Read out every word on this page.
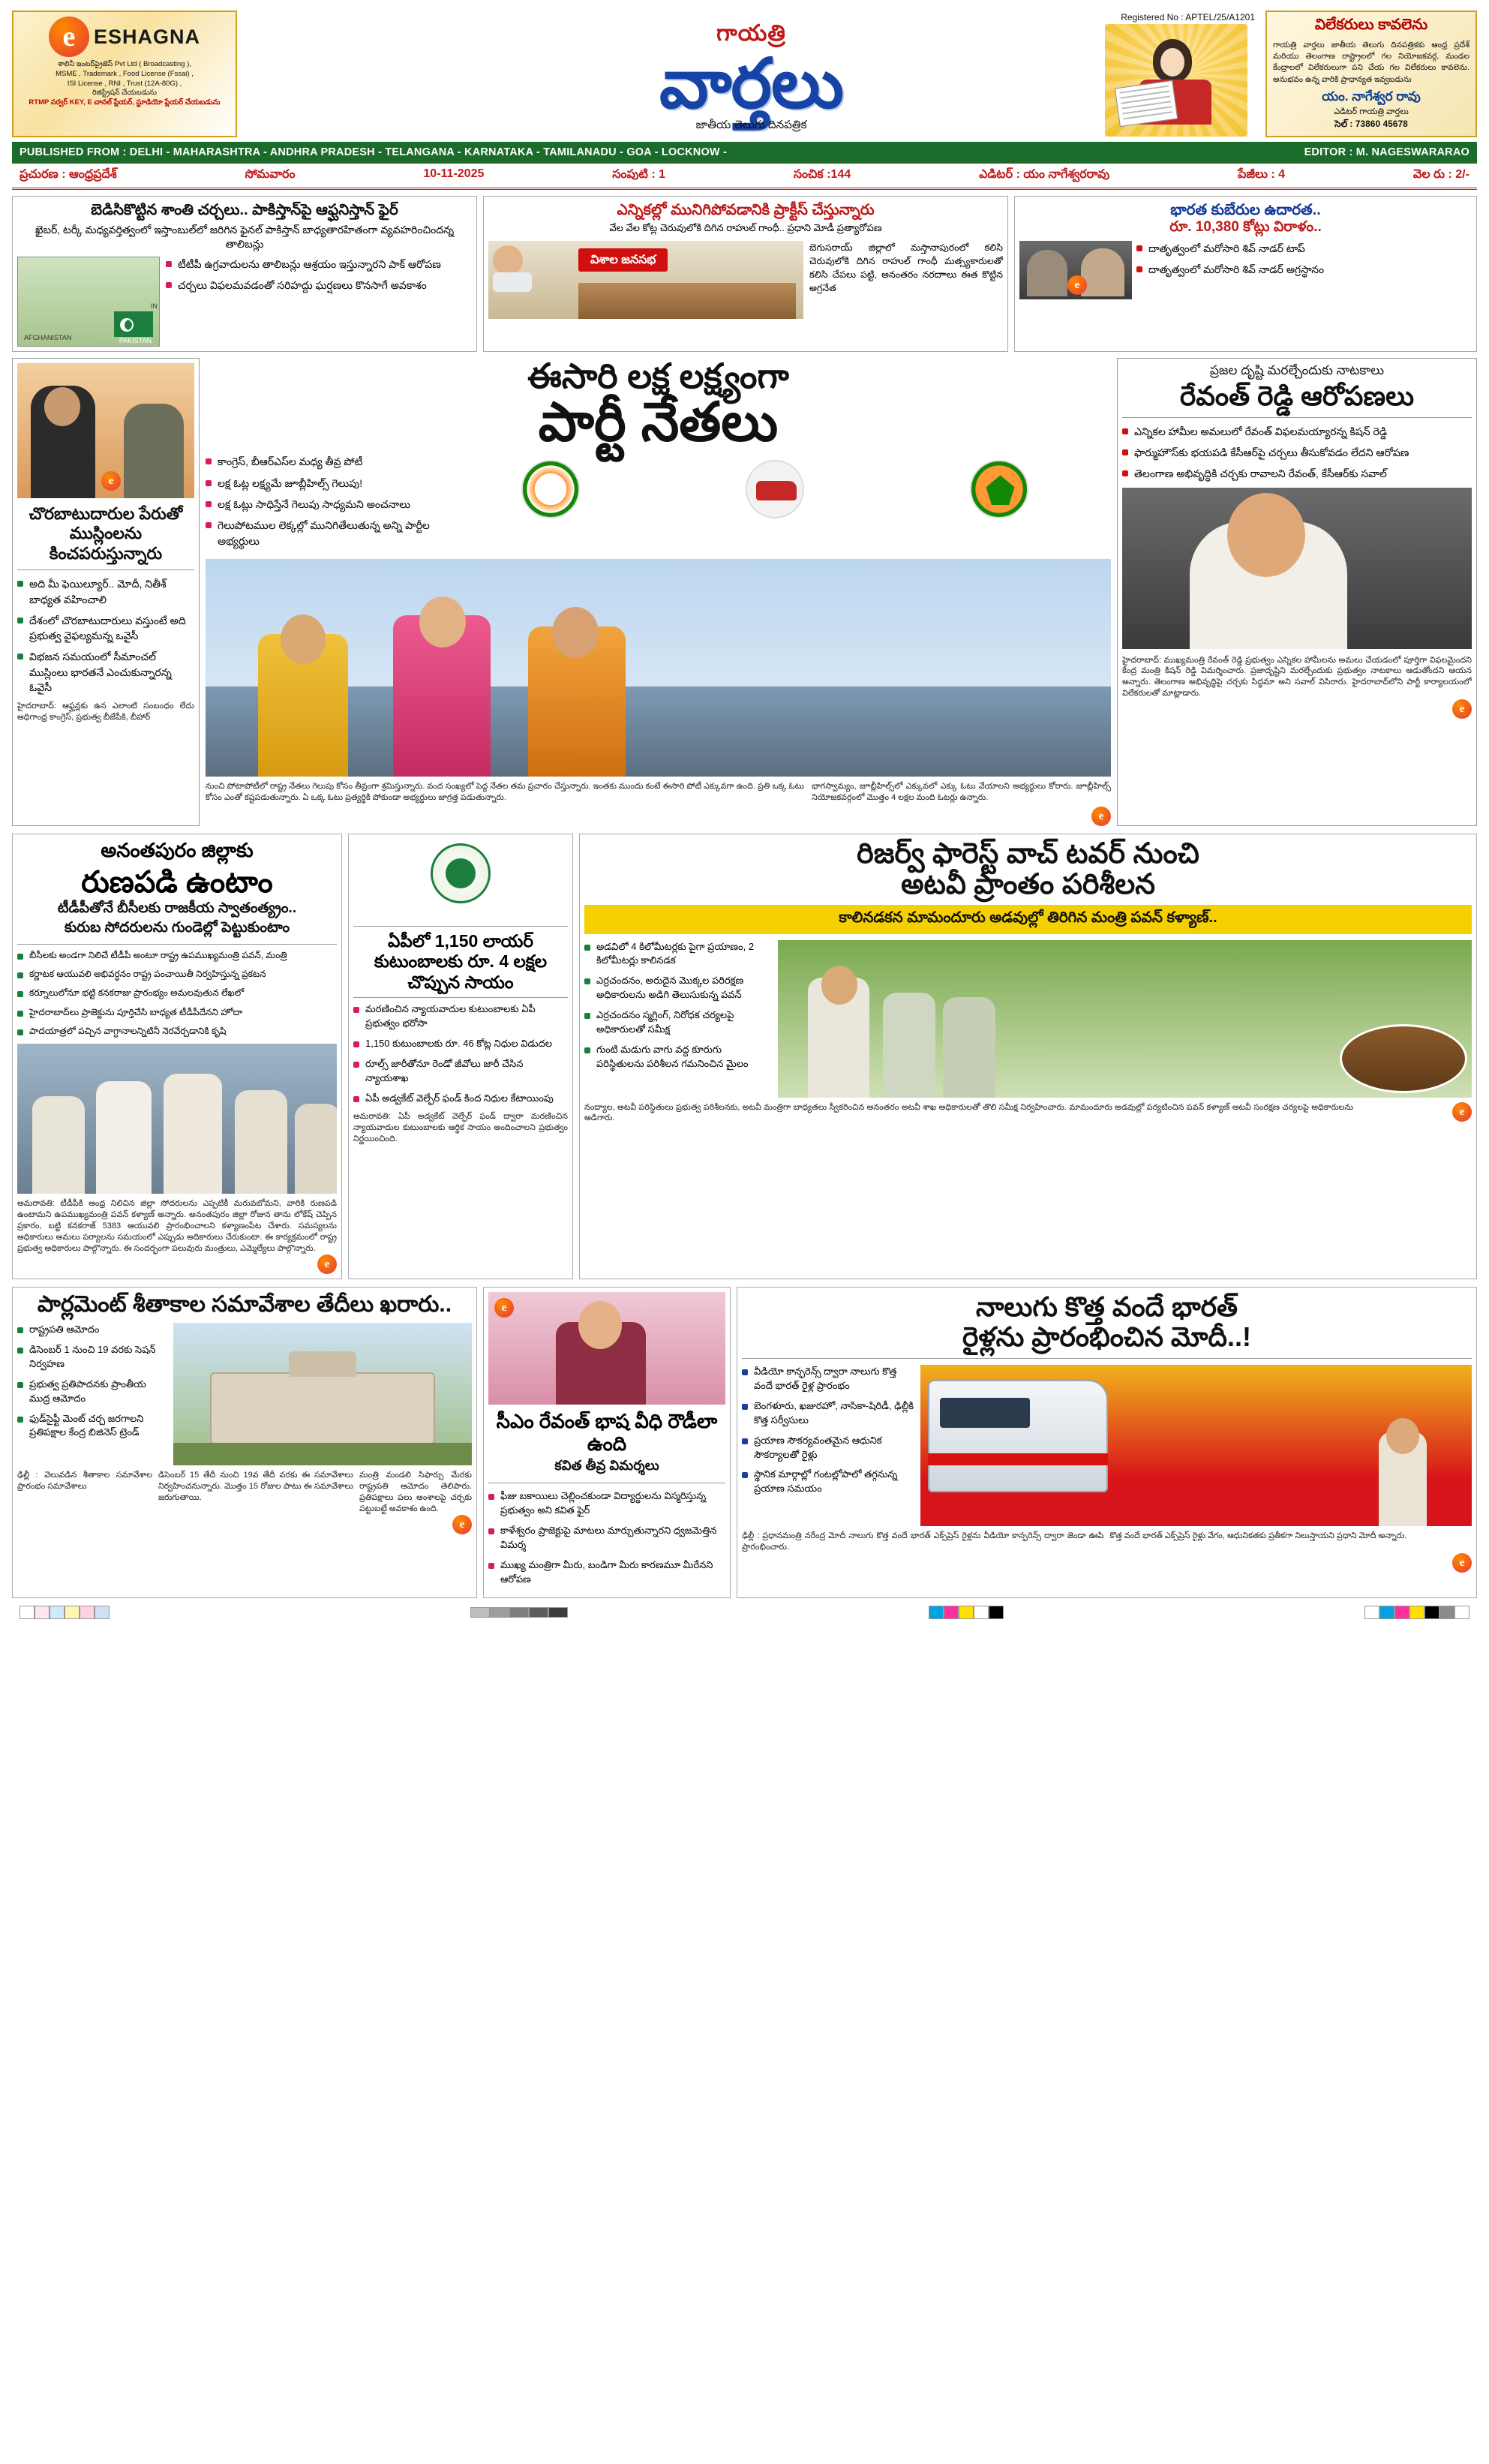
e ESHAGNA
శాలినీ ఇంటర్‌ప్రైజెస్ Pvt Ltd ( Broadcasting ),
MSME , Trademark , Food License (Fssai) ,
ISI License , RNI , Trust (12A-80G) ,
రిజిస్ట్రేషన్ చేయబడును
RTMP సర్వర్ KEY, E చానల్ ప్లేయర్, స్టూడియో ప్లేయర్ చేయబడును
Registered No : APTEL/25/A1201
గాయత్రి
వార్తలు
జాతీయ తెలుగు దినపత్రిక
విలేకరులు కావలెను
గాయత్రి వార్తలు జాతీయ తెలుగు దినపత్రికకు ఆంధ్ర ప్రదేశ్ మరియు తెలంగాణ రాష్ట్రాలలో గల నియోజకవర్గ, మండల కేంద్రాలలో విలేకరులుగా పని చేయ గల విలేకరులు కావలెను. అనుభవం ఉన్న వారికి ప్రాధాన్యత ఇవ్వబడును
యం. నాగేశ్వర రావు
ఎడిటర్ గాయత్రి వార్తలు
సెల్ : 73860 45678
PUBLISHED FROM : DELHI - MAHARASHTRA - ANDHRA PRADESH - TELANGANA - KARNATAKA - TAMILANADU - GOA - LOCKNOW -	EDITOR : M. NAGESWARARAO
ప్రచురణ : ఆంధ్రప్రదేశ్	సోమవారం	10-11-2025	సంపుటి : 1	సంచిక :144	ఎడిటర్ : యం నాగేశ్వరరావు	పేజీలు : 4	వెల రు : 2/-
బెడిసికొట్టిన శాంతి చర్చలు.. పాకిస్తాన్‌పై ఆఫ్ఘనిస్తాన్ ఫైర్
ఖైబర్, టర్కీ మధ్యవర్తిత్వంలో ఇస్తాంబుల్‌లో జరిగిన ఫైనల్ పాకిస్తాన్ బాధ్యతారహితంగా వ్యవహరించిందన్న తాలిబన్లు
AFGHANISTAN	PAKISTAN
IN
టీటీపీ ఉగ్రవాదులను తాలిబన్లు ఆశ్రయం ఇస్తున్నారని పాక్ ఆరోపణ
చర్చలు విఫలమవడంతో సరిహద్దు ఘర్షణలు కొనసాగే అవకాశం
ఎన్నికల్లో మునిగిపోవడానికి ప్రాక్టీస్ చేస్తున్నారు
వేల వేల కోట్ల చెరువులోకి దిగిన రాహుల్ గాంధీ.. ప్రధాని మోడీ ప్రత్యారోపణ
విశాల జనసభ
బెగుసరాయ్ జిల్లాలో మస్తానాపురంలో కలిసి చెరువులోకి దిగిన రాహుల్ గాంధీ మత్స్యకారులతో కలిసి చేపలు పట్టి, అనంతరం నరదాాలు ఈత కొట్టిన అగ్రనేత
భారత కుబేరుల ఉదారత..
రూ. 10,380 కోట్లు విరాళం..
e
దాతృత్వంలో మరోసారి శివ్ నాడర్ టాప్
దాతృత్వంలో మరోసారి శివ్ నాడర్ అగ్రస్థానం
e
చొరబాటుదారుల పేరుతో ముస్లింలను కించపరుస్తున్నారు
అది మీ ఫెయిల్యూర్.. మోదీ, నితీశ్ బాధ్యత వహించాలి
దేశంలో చొరబాటుదారులు వస్తుంటే అది ప్రభుత్వ వైఫల్యమన్న ఒవైసీ
విభజన సమయంలో సీమాంచల్ ముస్లింలు భారతనే ఎంచుకున్నారన్న ఓవైసీ
హైదరాబాద్: ఆఫ్ఘన్లకు ఉన ఎలాంటి సంబంధం లేదు అధిగాంధ్ర కాంగ్రెస్, ప్రభుత్వ బీజేపీకి, బీహార్
ఈసారి లక్ష లక్ష్యంగా
పార్టీ నేతలు
కాంగ్రెస్, బీఆర్‌ఎస్‌ల మధ్య తీవ్ర పోటీ
లక్ష ఓట్ల లక్ష్యమే జూబ్లీహిల్స్ గెలుపు!
లక్ష ఓట్లు సాధిస్తేనే గెలుపు సాధ్యమని అంచనాలు
గెలుపోటముల లెక్కల్లో మునిగితేలుతున్న అన్ని పార్టీల అభ్యర్థులు
నుంచి పోటాపోటీలో రాష్ట్ర నేతలు గెలుపు కోసం తీవ్రంగా శ్రమిస్తున్నారు. వంద సంఖ్యలో పెద్ద నేతల తమ ప్రచారం చేస్తున్నారు. ఇంతకు ముందు కంటే ఈసారి పోటీ ఎక్కువగా ఉంది. ప్రతి ఒక్క ఓటు కోసం ఎంతో కష్టపడుతున్నారు. ఏ ఒక్క ఓటు ప్రత్యర్థికి పోకుండా అభ్యర్థులు జాగ్రత్త పడుతున్నారు.
భాగస్వామ్యం, జూబ్లీహిల్స్‌లో ఎక్కువలో ఎక్కు ఓటు వేయాలని అభ్యర్థులు కోరారు. జూబ్లీహిల్స్ నియోజకవర్గంలో మొత్తం 4 లక్షల మంది ఓటర్లు ఉన్నారు.
e
ప్రజల దృష్టి మరల్చేందుకు నాటకాలు
రేవంత్ రెడ్డి ఆరోపణలు
ఎన్నికల హామీల అమలులో రేవంత్ విఫలమయ్యారన్న కిషన్ రెడ్డి
ఫార్ముహౌస్‌కు భయపడి కేసీఆర్‌పై చర్చలు తీసుకోవడం లేదని ఆరోపణ
తెలంగాణ అభివృద్ధికి చర్చకు రావాలని రేవంత్, కేసీఆర్‌కు సవాల్
హైదరాబాద్: ముఖ్యమంత్రి రేవంత్ రెడ్డి ప్రభుత్వం ఎన్నికల హామీలను అమలు చేయడంలో పూర్తిగా విఫలమైందని కేంద్ర మంత్రి కిషన్ రెడ్డి విమర్శించారు. ప్రజాదృష్టిని మరల్చేందుకు ప్రభుత్వం నాటకాలు ఆడుతోందని ఆయన అన్నారు. తెలంగాణ అభివృద్ధిపై చర్చకు సిద్ధమా అని సవాల్ విసిరారు. హైదరాబాద్‌లోని పార్టీ కార్యాలయంలో విలేకరులతో మాట్లాడారు.
e
అనంతపురం జిల్లాకు
రుణపడి ఉంటాం
టీడీపీతోనే బీసీలకు రాజకీయ స్వాతంత్య్రం..
కురుబ సోదరులను గుండెల్లో పెట్టుకుంటాం
బీసీలకు అండగా నిలిచే టీడీపీ అంటూ రాష్ట్ర ఉపముఖ్యమంత్రి పవన్, మంత్రి
కర్ణాటక ఆయువలి అభివర్ధనం రాష్ట్ర పంచాయితీ నిర్వహిస్తున్న ప్రకటన
కర్నూలులోనూ భట్టి కనకరాజు ప్రారంభ్యం అమలవుతున లేఖలో
హైదరాబాద్‌లు ప్రాజెక్టును పూర్తిచేసి బాధ్యత టీడీపీదేనని హోదా
పాదయాత్రలో పచ్చిన వాగ్దానాలన్నిటినీ నెరవేర్చడానికి కృషి
అమరావతి: టీడీపీకి ఆంధ్ర నిలిచిన జిల్లా సోదరులను ఎప్పటికీ మరువబోమని, వారికి రుణపడి ఉంటామని ఉపముఖ్యమంత్రి పవన్ కళ్యాణ్ అన్నారు. అనంతపురం జిల్లా రోజున తాను లోకేష్ చెప్పిన ప్రకారం, బట్టి కనకరాజ్ 5383 ఆయువలి ప్రారంభించాలని కళ్యాణంపేట చేశారు. సమస్యలను అధికారులు అమలు పర్యాలను సమయంలో ఎప్పుడు అదికారులు చేరుకుంటా. ఈ కార్యక్రమంలో రాష్ట్ర ప్రభుత్వ అధికారులు పాల్గొన్నారు. ఈ సందర్భంగా పలువురు మంత్రులు, ఎమ్మెల్యేలు పాల్గొన్నారు.
e
ఏపీలో 1,150 లాయర్ కుటుంబాలకు రూ. 4 లక్షల చొప్పున సాయం
మరణించిన న్యాయవాదుల కుటుంబాలకు ఏపీ ప్రభుత్వం భరోసా
1,150 కుటుంబాలకు రూ. 46 కోట్ల నిధుల విడుదల
రూల్స్ జారీతోనూ రెండో జీవోలు జారీ చేసిన న్యాయశాఖ
ఏపీ అడ్వకేట్ వెల్ఫేర్ ఫండ్ కింద నిధుల కేటాయింపు
అమరావతి: ఏపీ అడ్వకేట్ వెల్ఫేర్ ఫండ్ ద్వారా మరణించిన న్యాయవాదుల కుటుంబాలకు ఆర్థిక సాయం అందించాలని ప్రభుత్వం నిర్ణయించింది.
రిజర్వ్ ఫారెస్ట్ వాచ్ టవర్ నుంచి
అటవీ ప్రాంతం పరిశీలన
కాలినడకన మామందూరు అడవుల్లో తిరిగిన మంత్రి పవన్ కళ్యాణ్..
అడవిలో 4 కిలోమీటర్లకు పైగా ప్రయాణం, 2 కిలోమీటర్లు కాలినడక
ఎర్రచందనం, అరుదైన మొక్కల పరిరక్షణ అధికారులను అడిగి తెలుసుకున్న పవన్
ఎర్రచందనం స్మగ్లింగ్, నిరోధక చర్యలపై అధికారులతో సమీక్ష
గుంటి మడుగు వాగు వద్ద కూరుగు పరిస్థితులను పరిశీలన గమనించిన మైలం
నంద్యాల, అటవీ పరిస్థితులు ప్రభుత్వ పరిశీలనకు, అటవీ మంత్రిగా బాధ్యతలు స్వీకరించిన అనంతరం అటవీ శాఖ అధికారులతో తొలి సమీక్ష నిర్వహించారు. మామందూరు అడవుల్లో పర్యటించిన పవన్ కళ్యాణ్ అటవీ సంరక్షణ చర్యలపై అధికారులను అడిగారు.
e
పార్లమెంట్ శీతాకాల సమావేశాల తేదీలు ఖరారు..
రాష్ట్రపతి ఆమోదం
డిసెంబర్ 1 నుంచి 19 వరకు సెషన్ నిర్వహణ
ప్రభుత్వ ప్రతిపాదనకు ప్రాంతీయ ముద్ర ఆమోదం
ఫుడ్‌సైఫ్టీ మెంట్ చర్చ జరగాలని ప్రతిపక్షాల కేంద్ర బిజినెస్ ట్రెండ్
ఢిల్లీ : వెలువడిన శీతాకాల సమావేశాల ప్రారంభం సమావేశాలు
డిసెంబర్ 15 తేదీ నుంచి 19వ తేదీ వరకు ఈ సమావేశాలు నిర్వహించనున్నారు. మొత్తం 15 రోజుల పాటు ఈ సమావేశాలు జరుగుతాయి.
మంత్రి మండలి సిఫార్సు మేరకు రాష్ట్రపతి ఆమోదం తెలిపారు. ప్రతిపక్షాలు పలు అంశాలపై చర్చకు పట్టుబట్టే అవకాశం ఉంది.
e
e
సీఎం రేవంత్ భాష వీధి రౌడీలా ఉంది
కవిత తీవ్ర విమర్శలు
ఫీజు బకాయిలు చెల్లించకుండా విద్యార్థులను విస్మరిస్తున్న ప్రభుత్వం అని కవిత ఫైర్
కాళేశ్వరం ప్రాజెక్టుపై మాటలు మార్చుతున్నారని ధ్వజమెత్తిన విమర్శ
ముఖ్య మంత్రిగా మీరు, బండిగా మీరు కారణమూ మీరేనని ఆరోపణ
నాలుగు కొత్త వందే భారత్
రైళ్లను ప్రారంభించిన మోదీ..!
వీడియో కాన్ఫరెన్స్ ద్వారా నాలుగు కొత్త వందే భారత్ రైళ్ల ప్రారంభం
బెంగళూరు, ఖజురహో, నాసికా-షిరిడీ, ఢిల్లీకి కొత్త సర్వీసులు
ప్రయాణ సౌకర్యవంతమైన ఆధునిక సౌకర్యాలతో రైళ్లు
స్థానిక మార్గాల్లో గంటల్లోపాలో తగ్గనున్న ప్రయాణ సమయం
ఢిల్లీ : ప్రధానమంత్రి నరేంద్ర మోదీ నాలుగు కొత్త వందే భారత్ ఎక్స్‌ప్రెస్ రైళ్లను వీడియో కాన్ఫరెన్స్ ద్వారా జెండా ఊపి ప్రారంభించారు.
కొత్త వందే భారత్ ఎక్స్‌ప్రెస్ రైళ్లు వేగం, ఆధునికతకు ప్రతీకగా నిలుస్తాయని ప్రధాని మోదీ అన్నారు.
e
